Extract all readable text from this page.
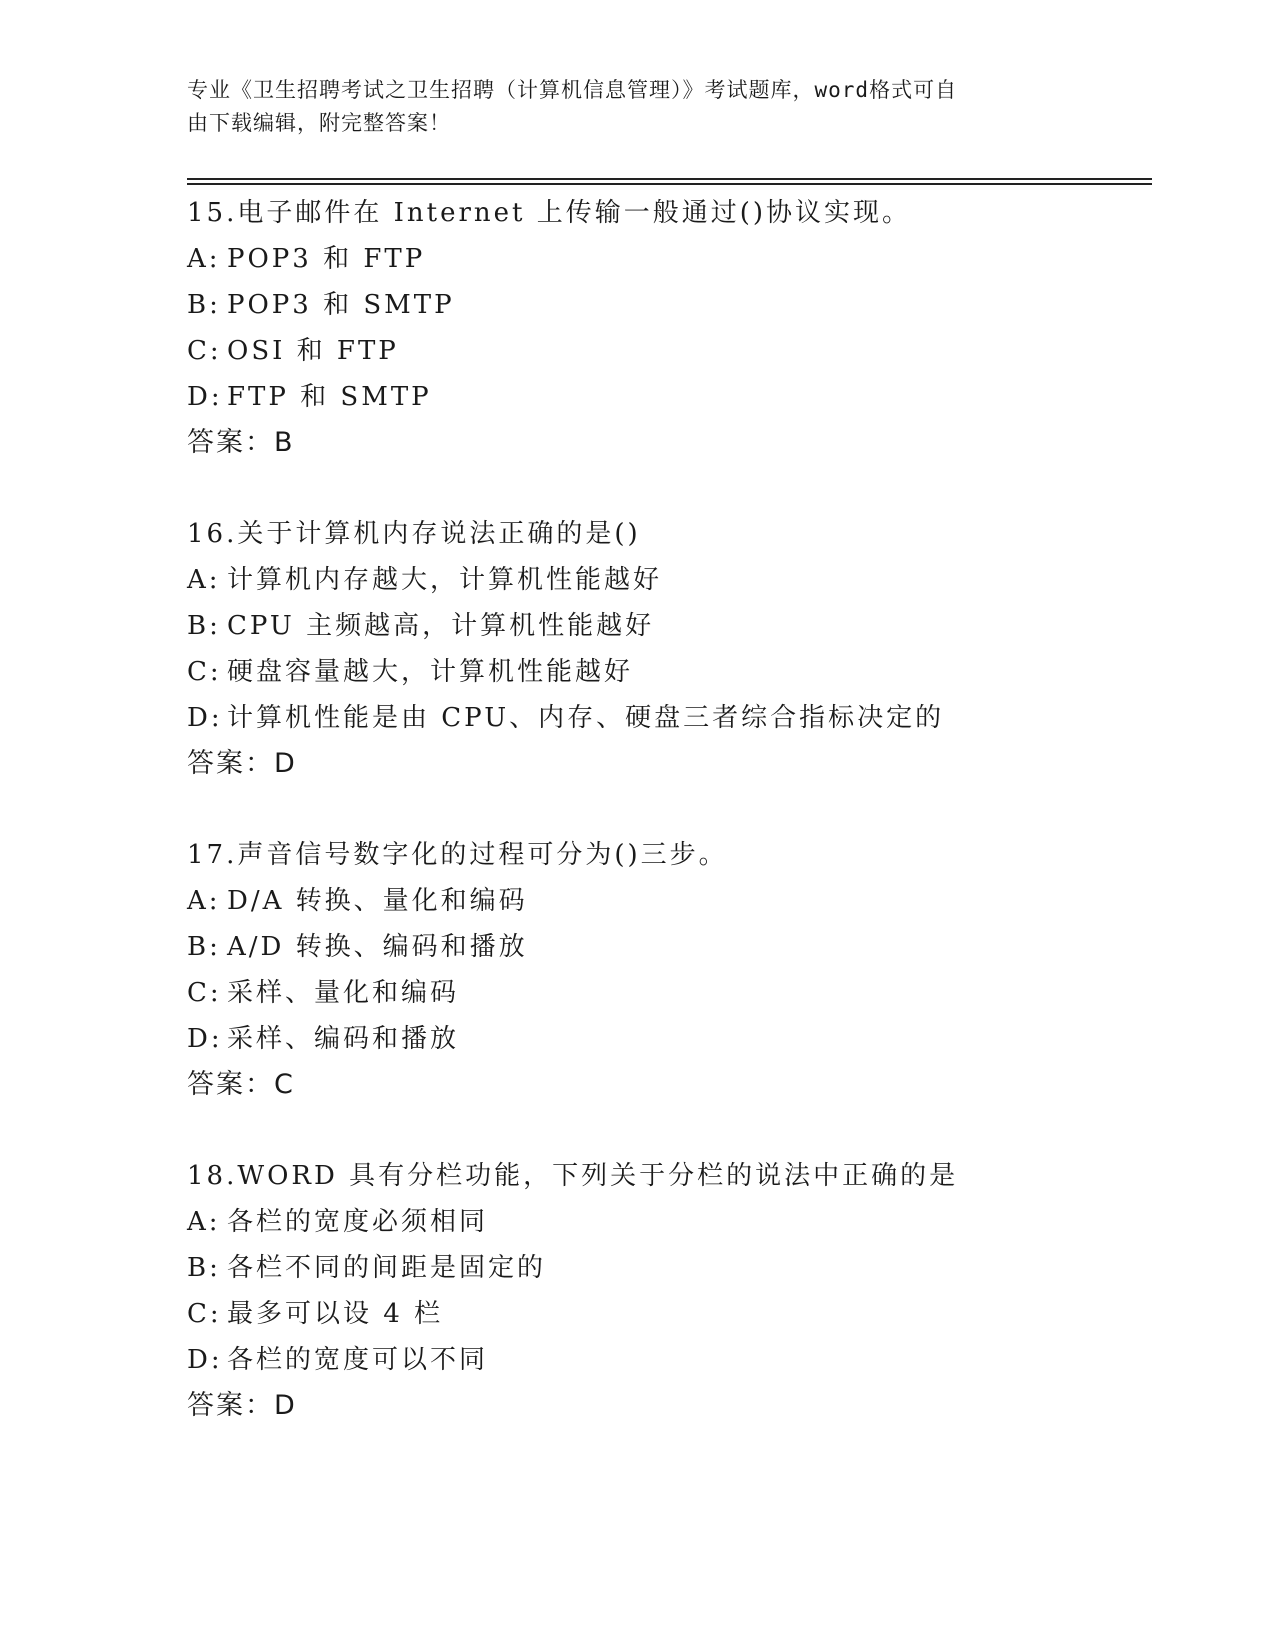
专业《卫生招聘考试之卫生招聘（计算机信息管理）》考试题库，word格式可自
由下载编辑，附完整答案！
15.电子邮件在 Internet 上传输一般通过()协议实现。
A: POP3 和 FTP
B: POP3 和 SMTP
C: OSI 和 FTP
D: FTP 和 SMTP
答案：B
16.关于计算机内存说法正确的是()
A: 计算机内存越大，计算机性能越好
B: CPU 主频越高，计算机性能越好
C: 硬盘容量越大，计算机性能越好
D: 计算机性能是由 CPU、内存、硬盘三者综合指标决定的
答案：D
17.声音信号数字化的过程可分为()三步。
A: D/A 转换、量化和编码
B: A/D 转换、编码和播放
C: 采样、量化和编码
D: 采样、编码和播放
答案：C
18.WORD 具有分栏功能，下列关于分栏的说法中正确的是
A: 各栏的宽度必须相同
B: 各栏不同的间距是固定的
C: 最多可以设 4 栏
D: 各栏的宽度可以不同
答案：D
